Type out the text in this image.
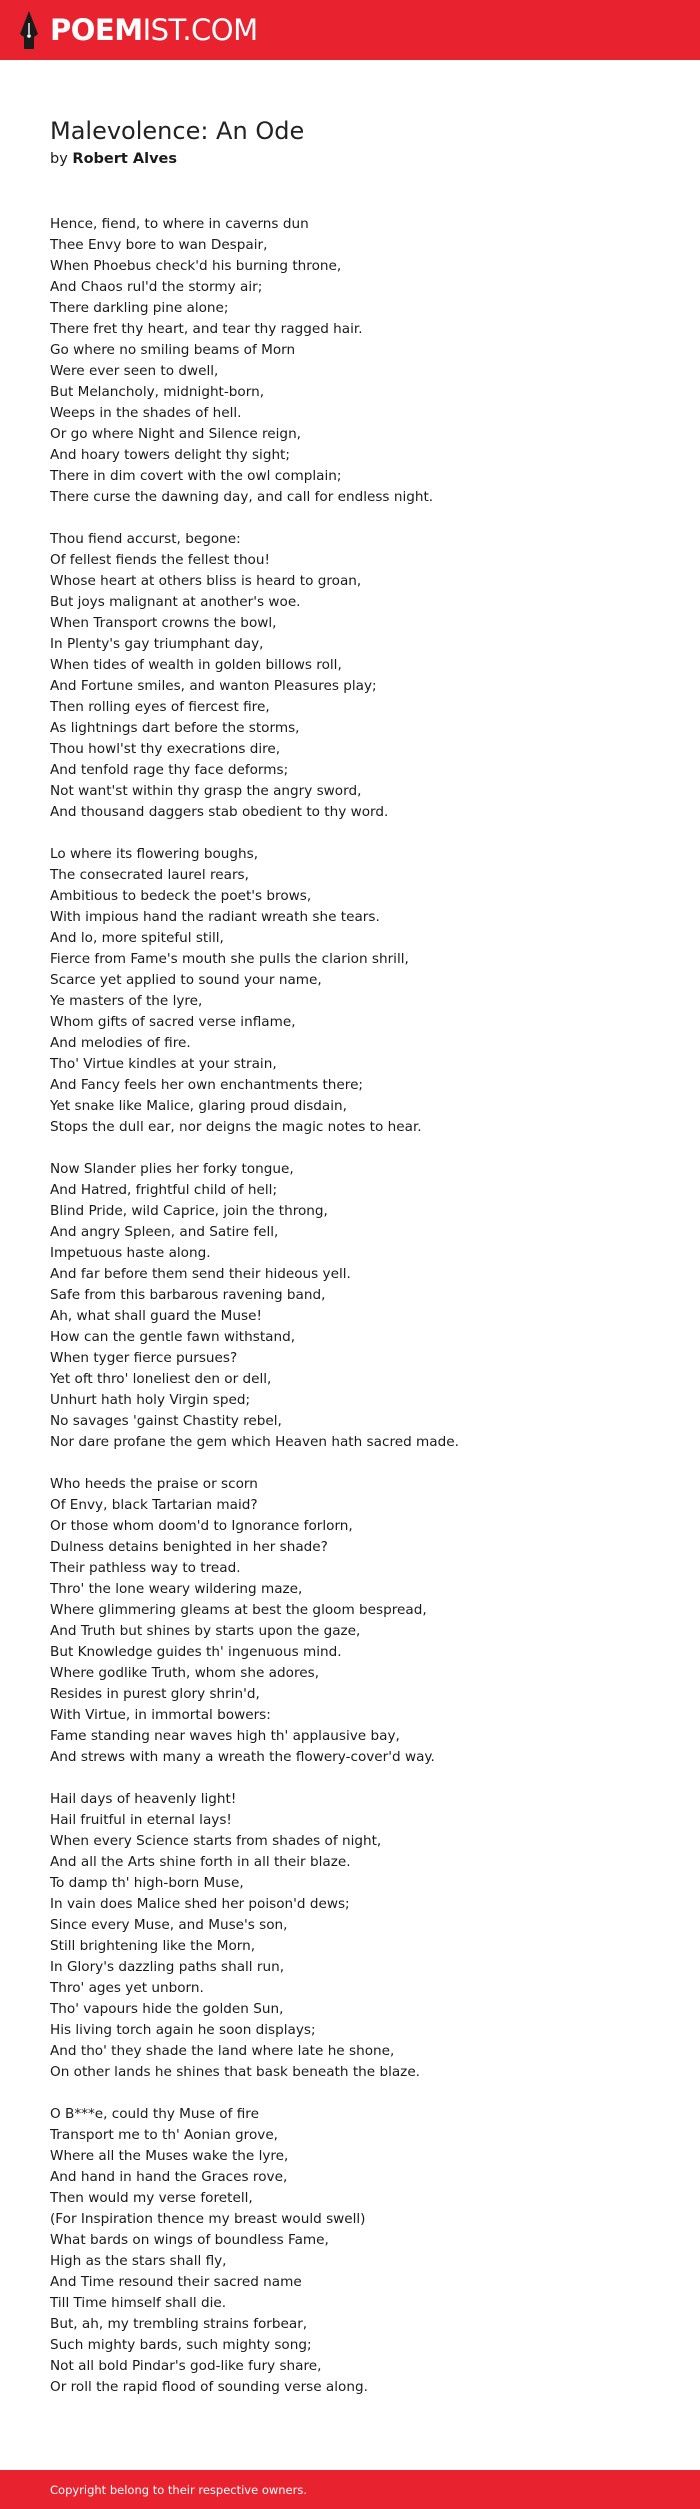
POEMIST.COM
Malevolence: An Ode
by Robert Alves
Hence, fiend, to where in caverns dun
Thee Envy bore to wan Despair,
When Phoebus check'd his burning throne,
And Chaos rul'd the stormy air;
There darkling pine alone;
There fret thy heart, and tear thy ragged hair.
Go where no smiling beams of Morn
Were ever seen to dwell,
But Melancholy, midnight-born,
Weeps in the shades of hell.
Or go where Night and Silence reign,
And hoary towers delight thy sight;
There in dim covert with the owl complain;
There curse the dawning day, and call for endless night.
Thou fiend accurst, begone:
Of fellest fiends the fellest thou!
Whose heart at others bliss is heard to groan,
But joys malignant at another's woe.
When Transport crowns the bowl,
In Plenty's gay triumphant day,
When tides of wealth in golden billows roll,
And Fortune smiles, and wanton Pleasures play;
Then rolling eyes of fiercest fire,
As lightnings dart before the storms,
Thou howl'st thy execrations dire,
And tenfold rage thy face deforms;
Not want'st within thy grasp the angry sword,
And thousand daggers stab obedient to thy word.
Lo where its flowering boughs,
The consecrated laurel rears,
Ambitious to bedeck the poet's brows,
With impious hand the radiant wreath she tears.
And lo, more spiteful still,
Fierce from Fame's mouth she pulls the clarion shrill,
Scarce yet applied to sound your name,
Ye masters of the lyre,
Whom gifts of sacred verse inflame,
And melodies of fire.
Tho' Virtue kindles at your strain,
And Fancy feels her own enchantments there;
Yet snake like Malice, glaring proud disdain,
Stops the dull ear, nor deigns the magic notes to hear.
Now Slander plies her forky tongue,
And Hatred, frightful child of hell;
Blind Pride, wild Caprice, join the throng,
And angry Spleen, and Satire fell,
Impetuous haste along.
And far before them send their hideous yell.
Safe from this barbarous ravening band,
Ah, what shall guard the Muse!
How can the gentle fawn withstand,
When tyger fierce pursues?
Yet oft thro' loneliest den or dell,
Unhurt hath holy Virgin sped;
No savages 'gainst Chastity rebel,
Nor dare profane the gem which Heaven hath sacred made.
Who heeds the praise or scorn
Of Envy, black Tartarian maid?
Or those whom doom'd to Ignorance forlorn,
Dulness detains benighted in her shade?
Their pathless way to tread.
Thro' the lone weary wildering maze,
Where glimmering gleams at best the gloom bespread,
And Truth but shines by starts upon the gaze,
But Knowledge guides th' ingenuous mind.
Where godlike Truth, whom she adores,
Resides in purest glory shrin'd,
With Virtue, in immortal bowers:
Fame standing near waves high th' applausive bay,
And strews with many a wreath the flowery-cover'd way.
Hail days of heavenly light!
Hail fruitful in eternal lays!
When every Science starts from shades of night,
And all the Arts shine forth in all their blaze.
To damp th' high-born Muse,
In vain does Malice shed her poison'd dews;
Since every Muse, and Muse's son,
Still brightening like the Morn,
In Glory's dazzling paths shall run,
Thro' ages yet unborn.
Tho' vapours hide the golden Sun,
His living torch again he soon displays;
And tho' they shade the land where late he shone,
On other lands he shines that bask beneath the blaze.
O B***e, could thy Muse of fire
Transport me to th' Aonian grove,
Where all the Muses wake the lyre,
And hand in hand the Graces rove,
Then would my verse foretell,
(For Inspiration thence my breast would swell)
What bards on wings of boundless Fame,
High as the stars shall fly,
And Time resound their sacred name
Till Time himself shall die.
But, ah, my trembling strains forbear,
Such mighty bards, such mighty song;
Not all bold Pindar's god-like fury share,
Or roll the rapid flood of sounding verse along.
Copyright belong to their respective owners.
